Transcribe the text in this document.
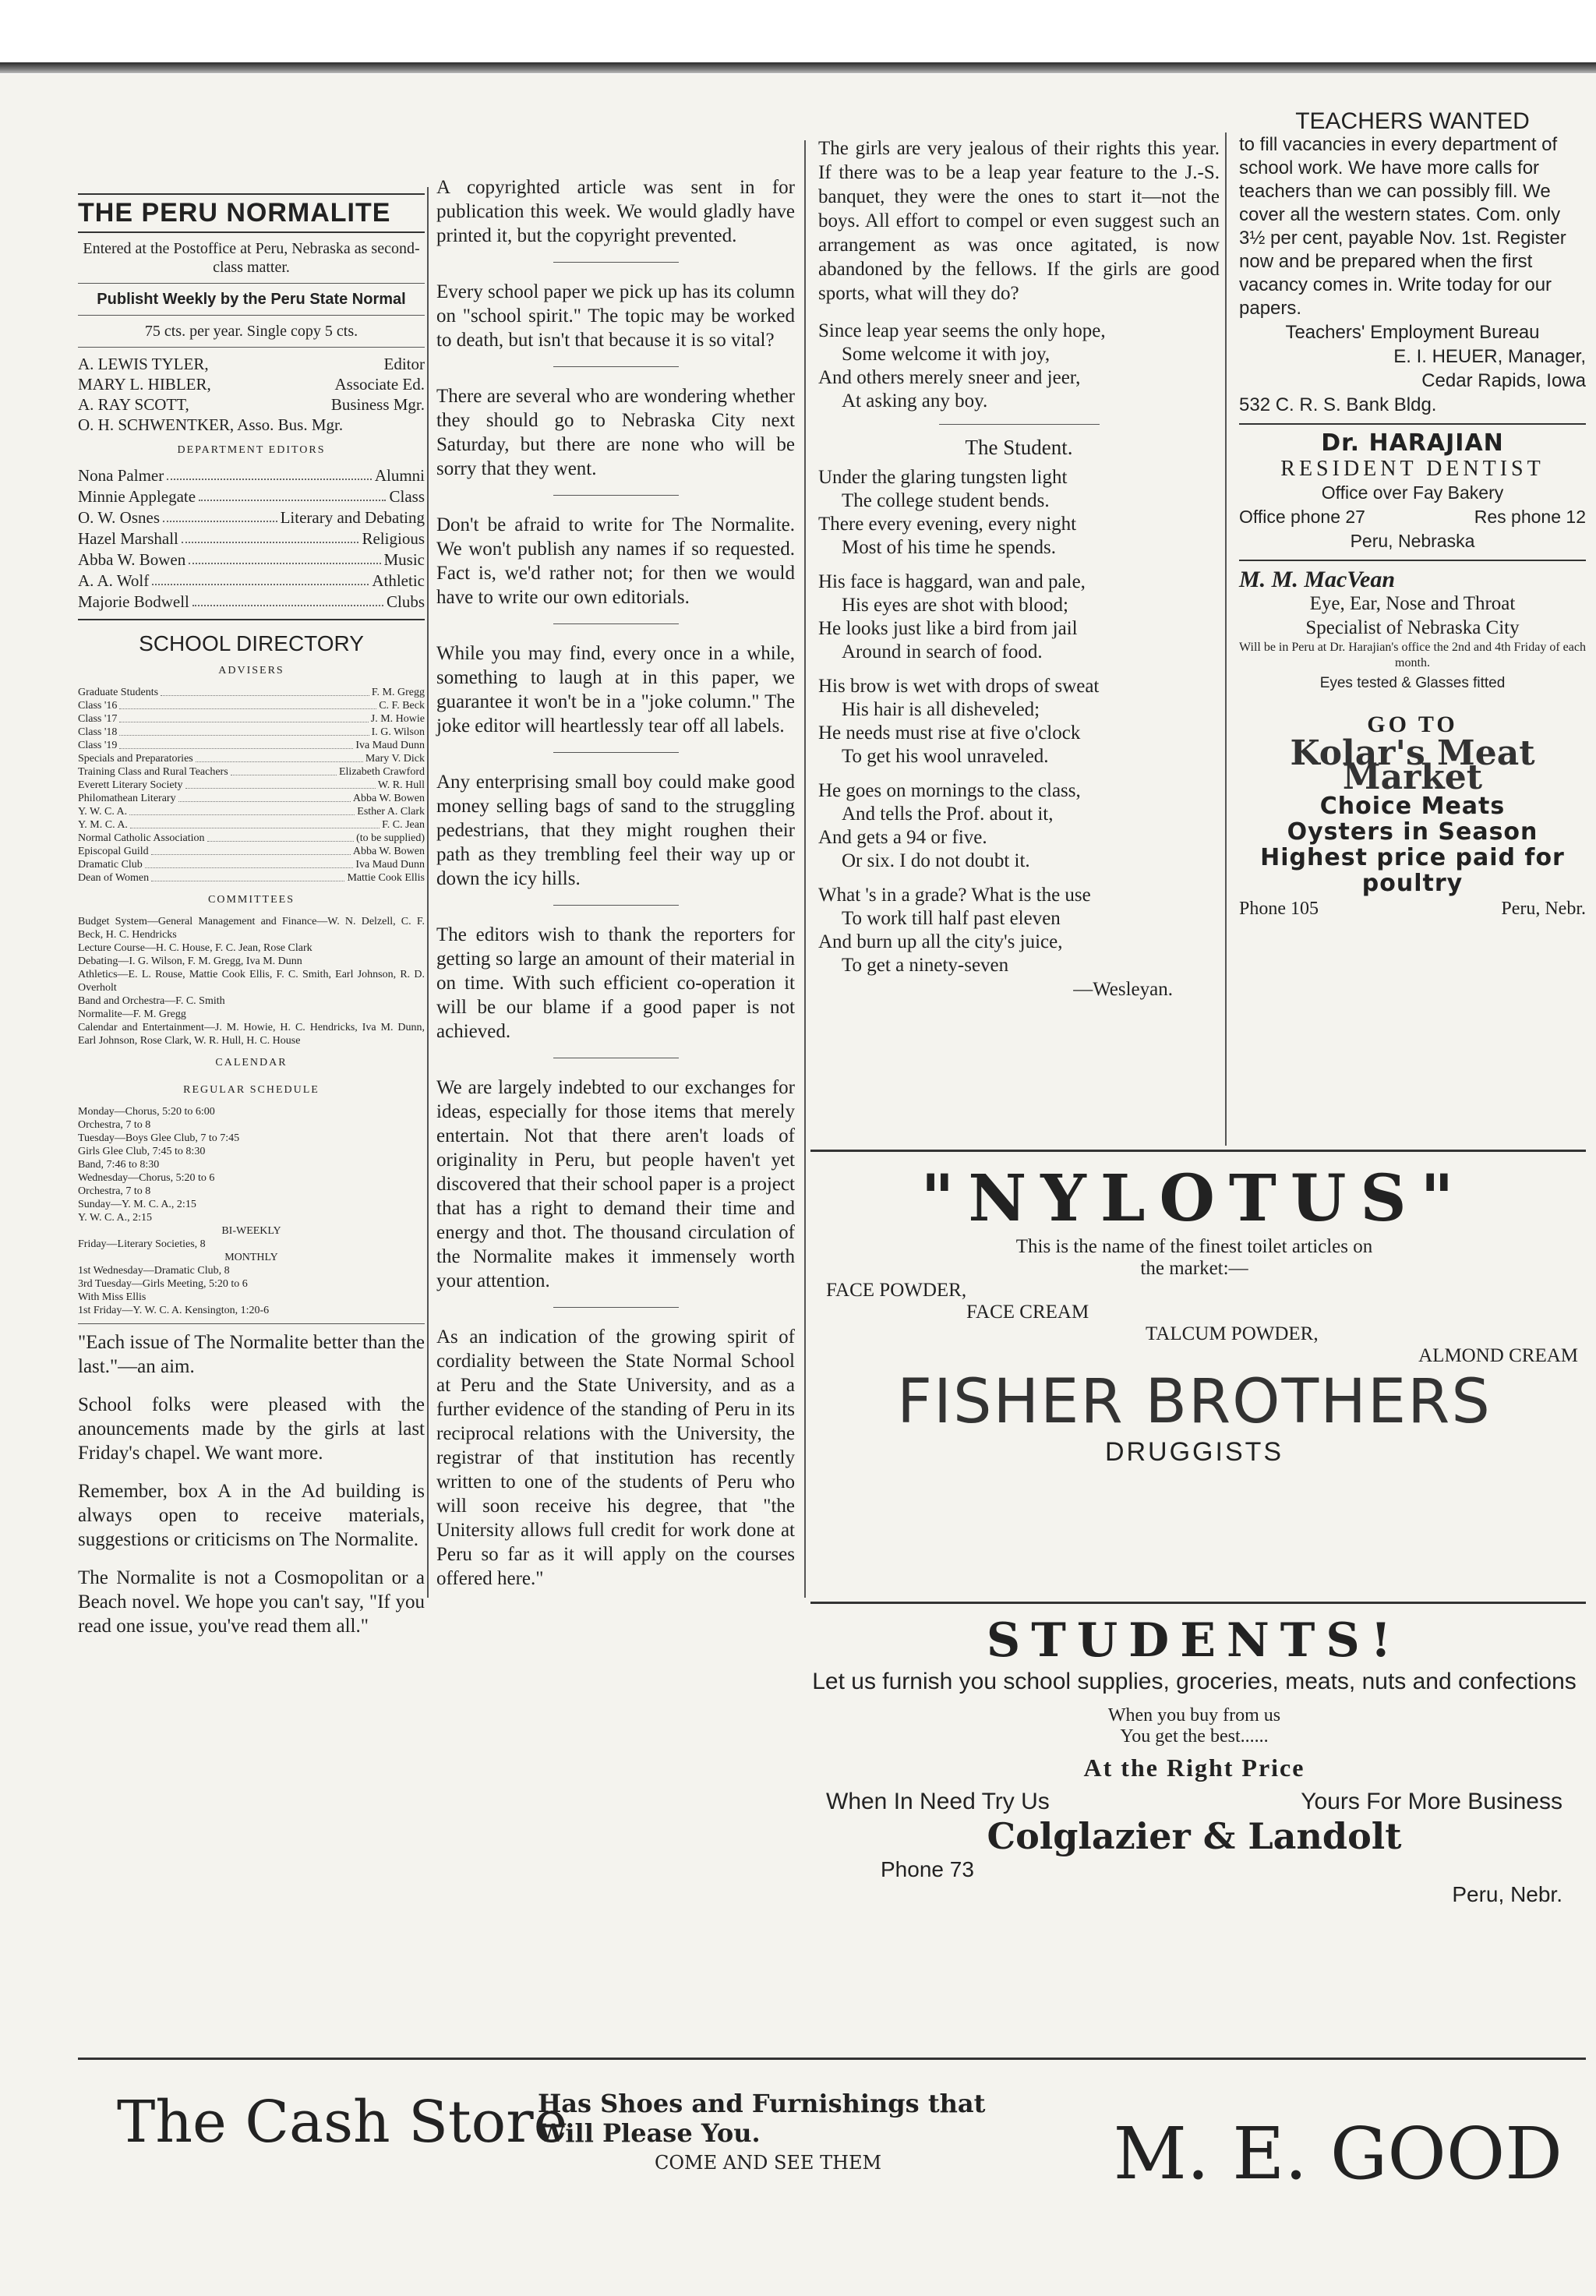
THE PERU NORMALITE
Entered at the Postoffice at Peru, Nebraska as second-class matter.
Publisht Weekly by the Peru State Normal
75 cts. per year. Single copy 5 cts.
A. LEWIS TYLER,	Editor
MARY L. HIBLER,	Associate Ed.
A. RAY SCOTT,	Business Mgr.
O. H. SCHWENTKER, Asso. Bus. Mgr.
DEPARTMENT EDITORS
Nona Palmer	Alumni
Minnie Applegate	Class
O. W. Osnes	Literary and Debating
Hazel Marshall	Religious
Abba W. Bowen	Music
A. A. Wolf	Athletic
Majorie Bodwell	Clubs
SCHOOL DIRECTORY
ADVISERS
Graduate Students	F. M. Gregg
Class '16	C. F. Beck
Class '17	J. M. Howie
Class '18	I. G. Wilson
Class '19	Iva Maud Dunn
Specials and Preparatories	Mary V. Dick
Training Class and Rural Teachers	Elizabeth Crawford
Everett Literary Society	W. R. Hull
Philomathean Literary	Abba W. Bowen
Y. W. C. A.	Esther A. Clark
Y. M. C. A.	F. C. Jean
Normal Catholic Association	(to be supplied)
Episcopal Guild	Abba W. Bowen
Dramatic Club	Iva Maud Dunn
Dean of Women	Mattie Cook Ellis
COMMITTEES
Budget System—General Management and Finance—W. N. Delzell, C. F. Beck, H. C. Hendricks
Lecture Course—H. C. House, F. C. Jean, Rose Clark
Debating—I. G. Wilson, F. M. Gregg, Iva M. Dunn
Athletics—E. L. Rouse, Mattie Cook Ellis, F. C. Smith, Earl Johnson, R. D. Overholt
Band and Orchestra—F. C. Smith
Normalite—F. M. Gregg
Calendar and Entertainment—J. M. Howie, H. C. Hendricks, Iva M. Dunn, Earl Johnson, Rose Clark, W. R. Hull, H. C. House
CALENDAR
REGULAR SCHEDULE
Monday—Chorus, 5:20 to 6:00
Orchestra, 7 to 8
Tuesday—Boys Glee Club, 7 to 7:45
Girls Glee Club, 7:45 to 8:30
Band, 7:46 to 8:30
Wednesday—Chorus, 5:20 to 6
Orchestra, 7 to 8
Sunday—Y. M. C. A., 2:15
Y. W. C. A., 2:15
BI-WEEKLY
Friday—Literary Societies, 8
MONTHLY
1st Wednesday—Dramatic Club, 8
3rd Tuesday—Girls Meeting, 5:20 to 6
With Miss Ellis
1st Friday—Y. W. C. A. Kensington, 1:20-6

"Each issue of The Normalite better than the last."—an aim.

School folks were pleased with the anouncements made by the girls at last Friday's chapel. We want more.

Remember, box A in the Ad building is always open to receive materials, suggestions or criticisms on The Normalite.

The Normalite is not a Cosmopolitan or a Beach novel. We hope you can't say, "If you read one issue, you've read them all."

A copyrighted article was sent in for publication this week. We would gladly have printed it, but the copyright prevented.

Every school paper we pick up has its column on "school spirit." The topic may be worked to death, but isn't that because it is so vital?

There are several who are wondering whether they should go to Nebraska City next Saturday, but there are none who will be sorry that they went.

Don't be afraid to write for The Normalite. We won't publish any names if so requested. Fact is, we'd rather not; for then we would have to write our own editorials.

While you may find, every once in a while, something to laugh at in this paper, we guarantee it won't be in a "joke column." The joke editor will heartlessly tear off all labels.

Any enterprising small boy could make good money selling bags of sand to the struggling pedestrians, that they might roughen their path as they trembling feel their way up or down the icy hills.

The editors wish to thank the reporters for getting so large an amount of their material in on time. With such efficient co-operation it will be our blame if a good paper is not achieved.

We are largely indebted to our exchanges for ideas, especially for those items that merely entertain. Not that there aren't loads of originality in Peru, but people haven't yet discovered that their school paper is a project that has a right to demand their time and energy and thot. The thousand circulation of the Normalite makes it immensely worth your attention.

As an indication of the growing spirit of cordiality between the State Normal School at Peru and the State University, and as a further evidence of the standing of Peru in its reciprocal relations with the University, the registrar of that institution has recently written to one of the students of Peru who will soon receive his degree, that "the Unitersity allows full credit for work done at Peru so far as it will apply on the courses offered here."

The girls are very jealous of their rights this year. If there was to be a leap year feature to the J.-S. banquet, they were the ones to start it—not the boys. All effort to compel or even suggest such an arrangement as was once agitated, is now abandoned by the fellows. If the girls are good sports, what will they do?

Since leap year seems the only hope,
Some welcome it with joy,
And others merely sneer and jeer,
At asking any boy.
The Student.
Under the glaring tungsten light
The college student bends.
There every evening, every night
Most of his time he spends.
His face is haggard, wan and pale,
His eyes are shot with blood;
He looks just like a bird from jail
Around in search of food.
His brow is wet with drops of sweat
His hair is all disheveled;
He needs must rise at five o'clock
To get his wool unraveled.
He goes on mornings to the class,
And tells the Prof. about it,
And gets a 94 or five.
Or six. I do not doubt it.
What 's in a grade? What is the use
To work till half past eleven
And burn up all the city's juice,
To get a ninety-seven
—Wesleyan.
TEACHERS WANTED
to fill vacancies in every department of school work. We have more calls for teachers than we can possibly fill. We cover all the western states. Com. only 3½ per cent, payable Nov. 1st. Register now and be prepared when the first vacancy comes in. Write today for our papers.
Teachers' Employment Bureau
E. I. HEUER, Manager,
Cedar Rapids, Iowa
532 C. R. S. Bank Bldg.
Dr. HARAJIAN
RESIDENT DENTIST
Office over Fay Bakery
Office phone 27	Res phone 12
Peru, Nebraska
M. M. MacVean
Eye, Ear, Nose and Throat
Specialist of Nebraska City
Will be in Peru at Dr. Harajian's office the 2nd and 4th Friday of each month.
Eyes tested & Glasses fitted
GO TO
Kolar's Meat Market
Choice Meats
Oysters in Season
Highest price paid for
poultry
Phone 105	Peru, Nebr.
"NYLOTUS"
This is the name of the finest toilet articles on the market:—
FACE POWDER,
FACE CREAM
TALCUM POWDER,
ALMOND CREAM
FISHER BROTHERS
DRUGGISTS
STUDENTS!
Let us furnish you school supplies, groceries, meats, nuts and confections
When you buy from us
You get the best......
At the Right Price
When In Need Try Us	Yours For More Business
Colglazier & Landolt
Phone 73
Peru, Nebr.
The Cash Store
Has Shoes and Furnishings that
Will Please You.
COME AND SEE THEM	M. E. GOOD
